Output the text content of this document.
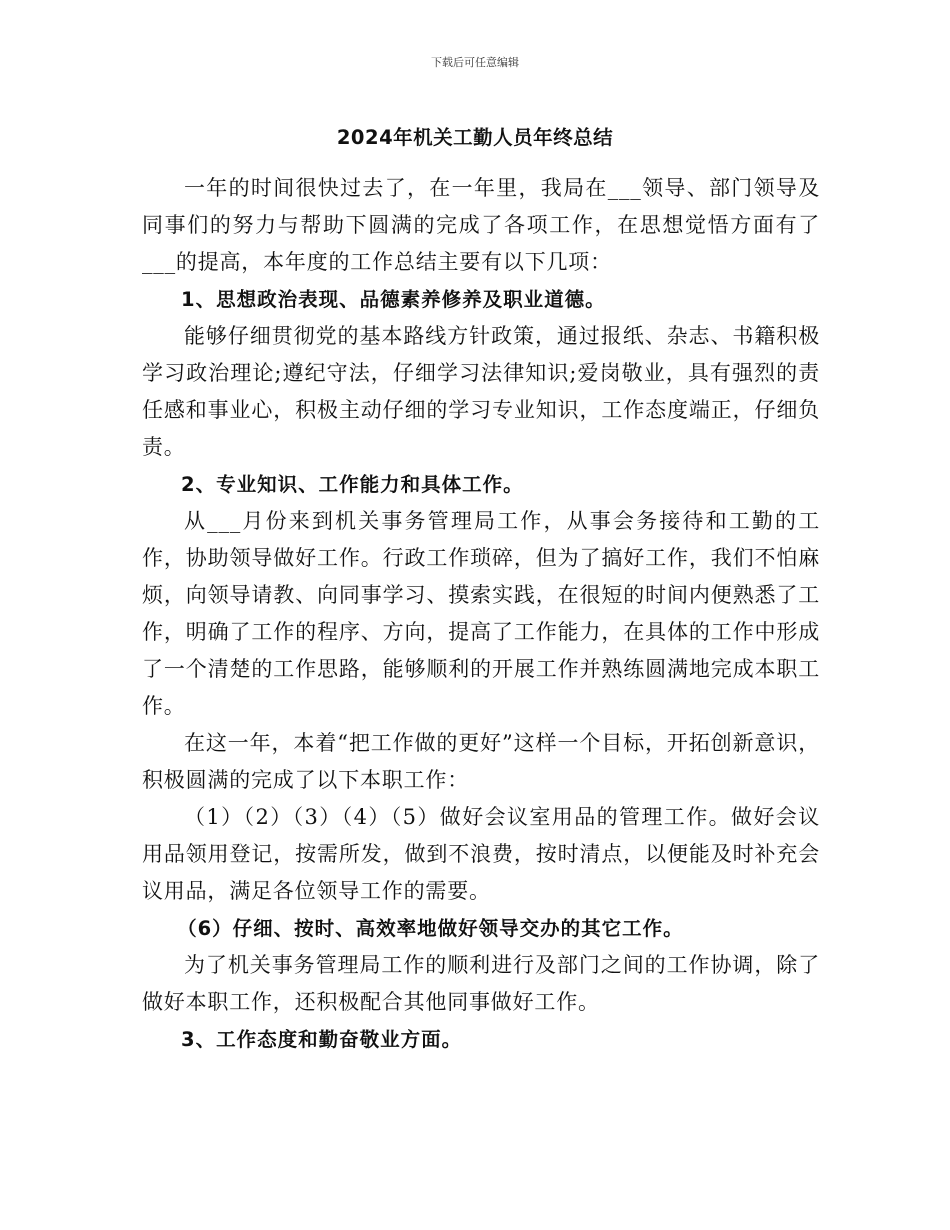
下载后可任意编辑
2024年机关工勤人员年终总结

一年的时间很快过去了，在一年里，我局在___领导、部门领导及同事们的努力与帮助下圆满的完成了各项工作，在思想觉悟方面有了___的提高，本年度的工作总结主要有以下几项：

1、思想政治表现、品德素养修养及职业道德。

能够仔细贯彻党的基本路线方针政策，通过报纸、杂志、书籍积极学习政治理论;遵纪守法，仔细学习法律知识;爱岗敬业，具有强烈的责任感和事业心，积极主动仔细的学习专业知识，工作态度端正，仔细负责。

2、专业知识、工作能力和具体工作。

从___月份来到机关事务管理局工作，从事会务接待和工勤的工作，协助领导做好工作。行政工作琐碎，但为了搞好工作，我们不怕麻烦，向领导请教、向同事学习、摸索实践，在很短的时间内便熟悉了工作，明确了工作的程序、方向，提高了工作能力，在具体的工作中形成了一个清楚的工作思路，能够顺利的开展工作并熟练圆满地完成本职工作。

在这一年，本着“把工作做的更好”这样一个目标，开拓创新意识，积极圆满的完成了以下本职工作：

（1）（2）（3）（4）（5）做好会议室用品的管理工作。做好会议用品领用登记，按需所发，做到不浪费，按时清点，以便能及时补充会议用品，满足各位领导工作的需要。

（6）仔细、按时、高效率地做好领导交办的其它工作。

为了机关事务管理局工作的顺利进行及部门之间的工作协调，除了做好本职工作，还积极配合其他同事做好工作。

3、工作态度和勤奋敬业方面。
